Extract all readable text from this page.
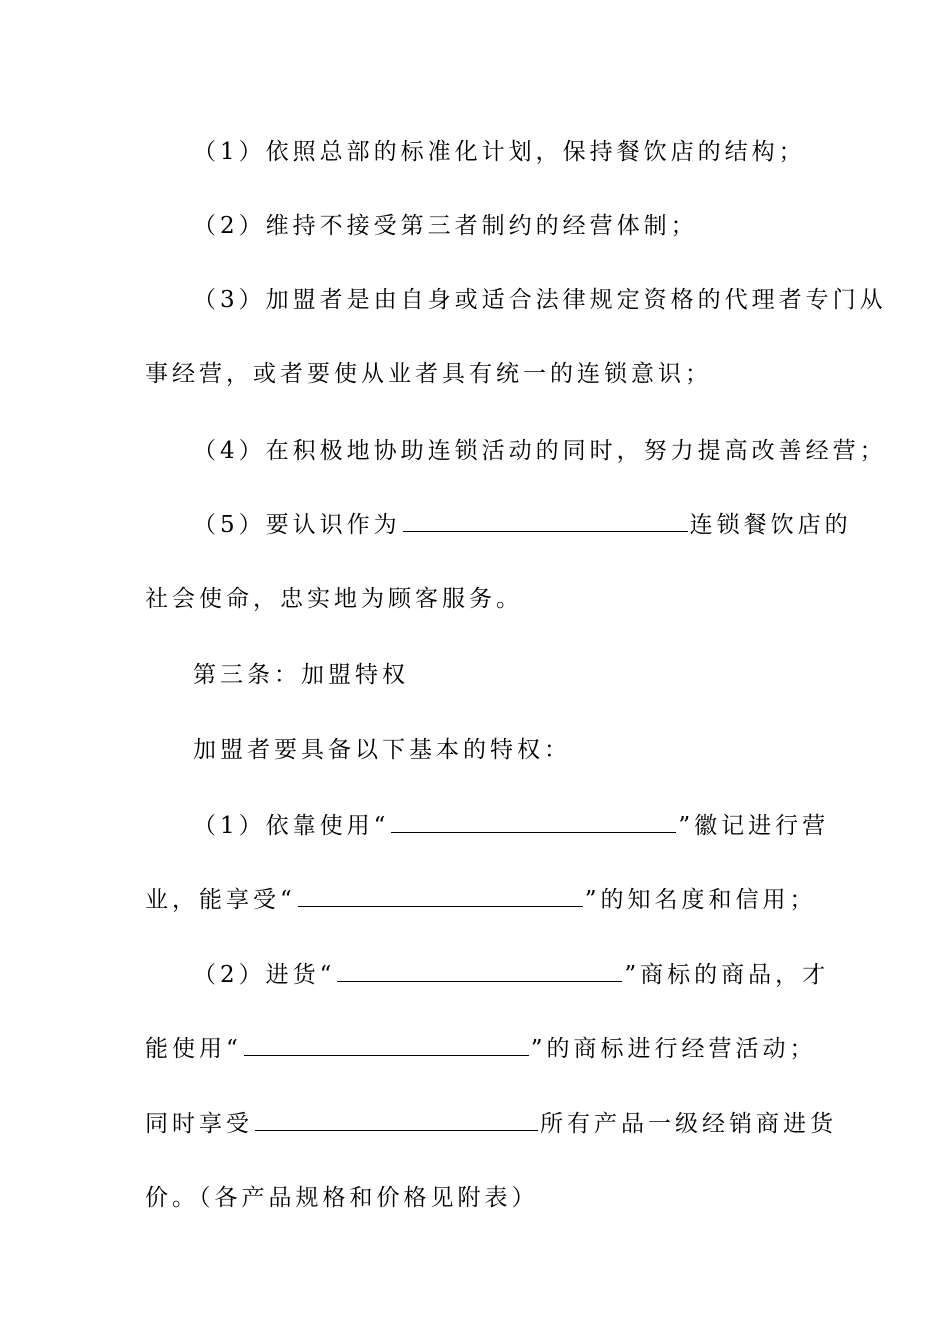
（1）依照总部的标准化计划，保持餐饮店的结构；
（2）维持不接受第三者制约的经营体制；
（3）加盟者是由自身或适合法律规定资格的代理者专门从
事经营，或者要使从业者具有统一的连锁意识；
（4）在积极地协助连锁活动的同时，努力提高改善经营；
（5）要认识作为	连锁餐饮店的
社会使命，忠实地为顾客服务。
第三条：加盟特权
加盟者要具备以下基本的特权：
（1）依靠使用“	”徽记进行营
业，能享受“	”的知名度和信用；
（2）进货“	”商标的商品，才
能使用“	”的商标进行经营活动；
同时享受	所有产品一级经销商进货
价。（各产品规格和价格见附表）
